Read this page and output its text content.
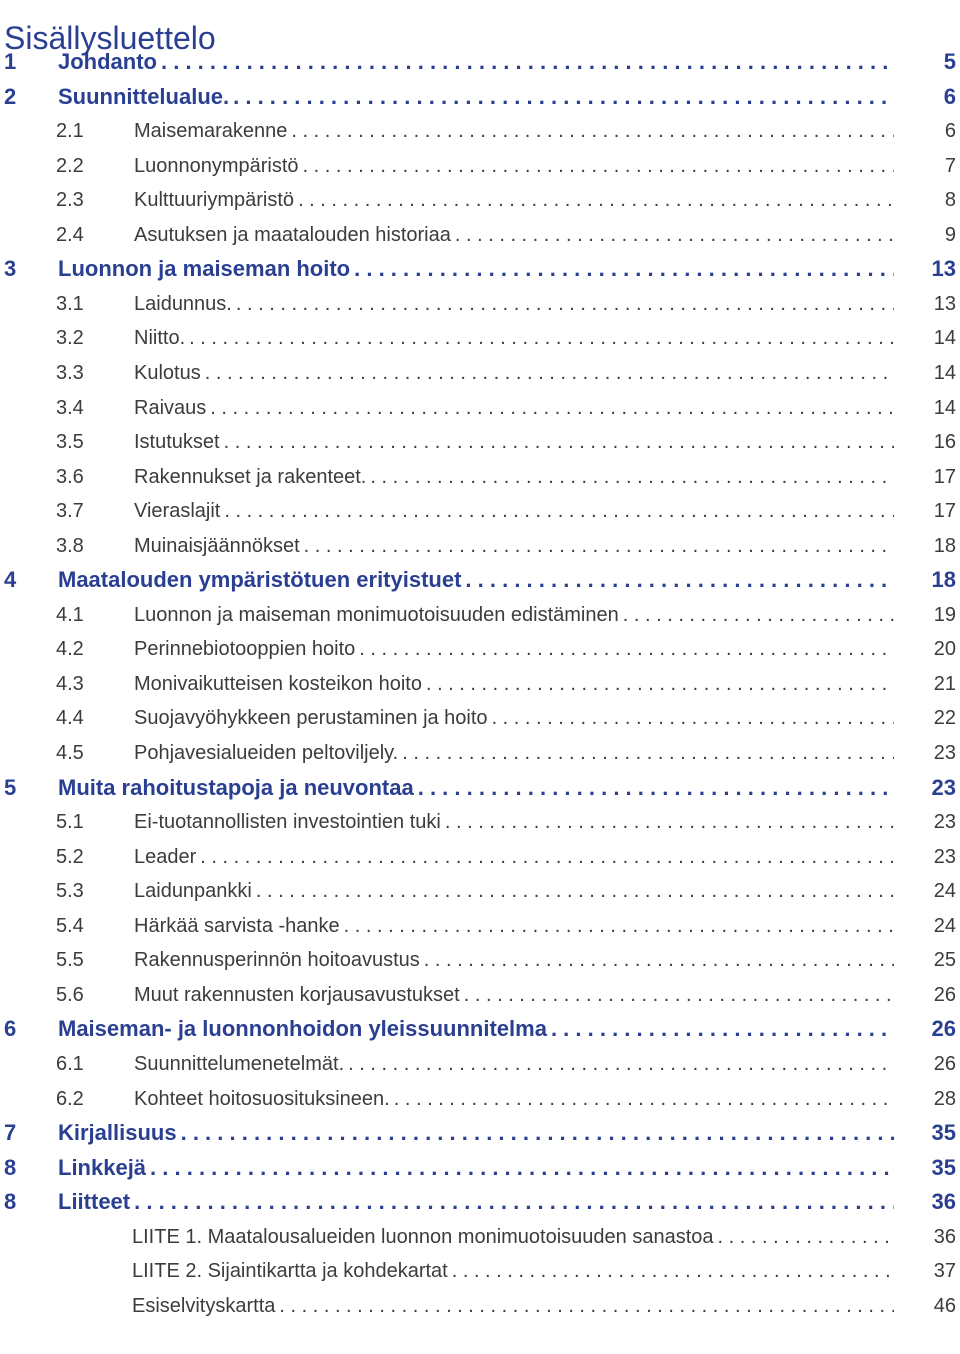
Sisällysluettelo
1	Johdanto . . .	5
2	Suunnittelualue. . . .	6
2.1	Maisemarakenne . . .	6
2.2	Luonnonympäristö . . .	7
2.3	Kulttuuriympäristö . . .	8
2.4	Asutuksen ja maatalouden historiaa . . .	9
3	Luonnon ja maiseman hoito . . .	13
3.1	Laidunnus. . . .	13
3.2	Niitto. . . .	14
3.3	Kulotus . . .	14
3.4	Raivaus . . .	14
3.5	Istutukset . . .	16
3.6	Rakennukset ja rakenteet. . . .	17
3.7	Vieraslajit . . .	17
3.8	Muinaisjäännökset . . .	18
4	Maatalouden ympäristötuen erityistuet . . .	18
4.1	Luonnon ja maiseman monimuotoisuuden edistäminen . . .	19
4.2	Perinnebiotooppien hoito . . .	20
4.3	Monivaikutteisen kosteikon hoito . . .	21
4.4	Suojavyöhykkeen perustaminen ja hoito . . .	22
4.5	Pohjavesialueiden peltoviljely. . . .	23
5	Muita rahoitustapoja ja neuvontaa . . .	23
5.1	Ei-tuotannollisten investointien tuki . . .	23
5.2	Leader . . .	23
5.3	Laidunpankki . . .	24
5.4	Härkää sarvista -hanke . . .	24
5.5	Rakennusperinnön hoitoavustus . . .	25
5.6	Muut rakennusten korjausavustukset . . .	26
6	Maiseman- ja luonnonhoidon yleissuunnitelma . . .	26
6.1	Suunnittelumenetelmät. . . .	26
6.2	Kohteet hoitosuosituksineen. . . .	28
7	Kirjallisuus . . .	35
8	Linkkejä . . .	35
8	Liitteet . . .	36
LIITE 1. Maatalousalueiden luonnon monimuotoisuuden sanastoa . . .	36
LIITE 2. Sijaintikartta ja kohdekartat . . .	37
Esiselvityskartta . . .	46
